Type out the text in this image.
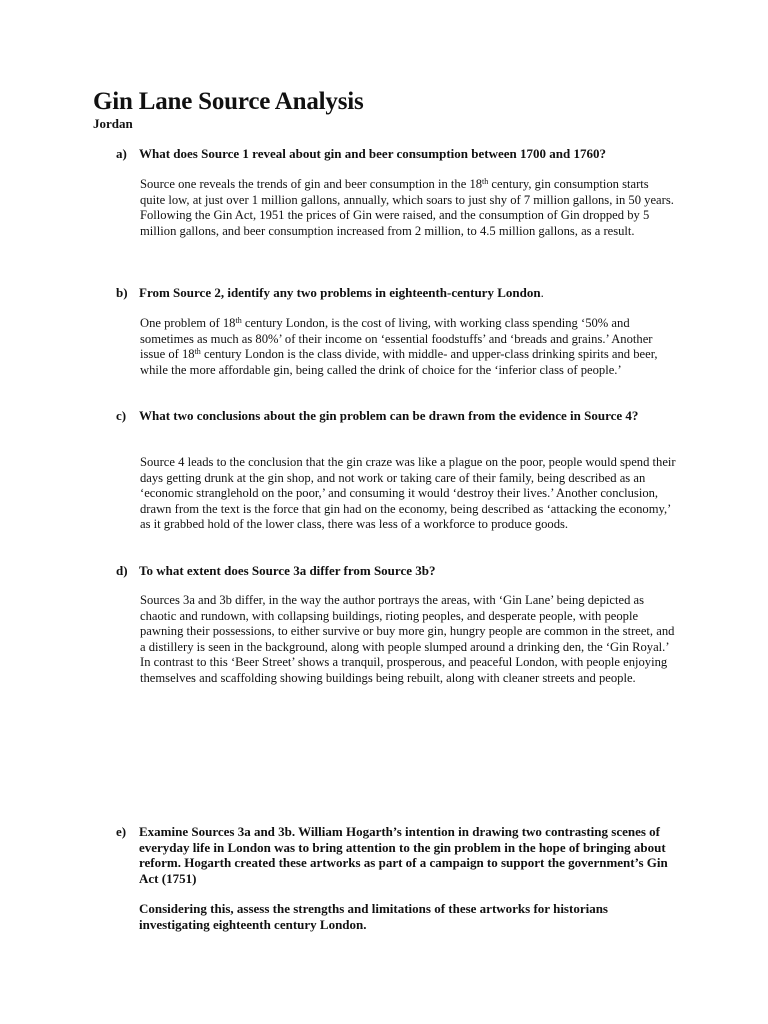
Gin Lane Source Analysis
Jordan
a) What does Source 1 reveal about gin and beer consumption between 1700 and 1760?

Source one reveals the trends of gin and beer consumption in the 18th century, gin consumption starts quite low, at just over 1 million gallons, annually, which soars to just shy of 7 million gallons, in 50 years. Following the Gin Act, 1951 the prices of Gin were raised, and the consumption of Gin dropped by 5 million gallons, and beer consumption increased from 2 million, to 4.5 million gallons, as a result.

b) From Source 2, identify any two problems in eighteenth-century London.

One problem of 18th century London, is the cost of living, with working class spending ‘50% and sometimes as much as 80%’ of their income on ‘essential foodstuffs’ and ‘breads and grains.’ Another issue of 18th century London is the class divide, with middle- and upper-class drinking spirits and beer, while the more affordable gin, being called the drink of choice for the ‘inferior class of people.’

c) What two conclusions about the gin problem can be drawn from the evidence in Source 4?

Source 4 leads to the conclusion that the gin craze was like a plague on the poor, people would spend their days getting drunk at the gin shop, and not work or taking care of their family, being described as an ‘economic stranglehold on the poor,’ and consuming it would ‘destroy their lives.’ Another conclusion, drawn from the text is the force that gin had on the economy, being described as ‘attacking the economy,’ as it grabbed hold of the lower class, there was less of a workforce to produce goods.

d) To what extent does Source 3a differ from Source 3b?

Sources 3a and 3b differ, in the way the author portrays the areas, with ‘Gin Lane’ being depicted as chaotic and rundown, with collapsing buildings, rioting peoples, and desperate people, with people pawning their possessions, to either survive or buy more gin, hungry people are common in the street, and a distillery is seen in the background, along with people slumped around a drinking den, the ‘Gin Royal.’ In contrast to this ‘Beer Street’ shows a tranquil, prosperous, and peaceful London, with people enjoying themselves and scaffolding showing buildings being rebuilt, along with cleaner streets and people.

e) Examine Sources 3a and 3b. William Hogarth’s intention in drawing two contrasting scenes of everyday life in London was to bring attention to the gin problem in the hope of bringing about reform. Hogarth created these artworks as part of a campaign to support the government’s Gin Act (1751)

Considering this, assess the strengths and limitations of these artworks for historians investigating eighteenth century London.
